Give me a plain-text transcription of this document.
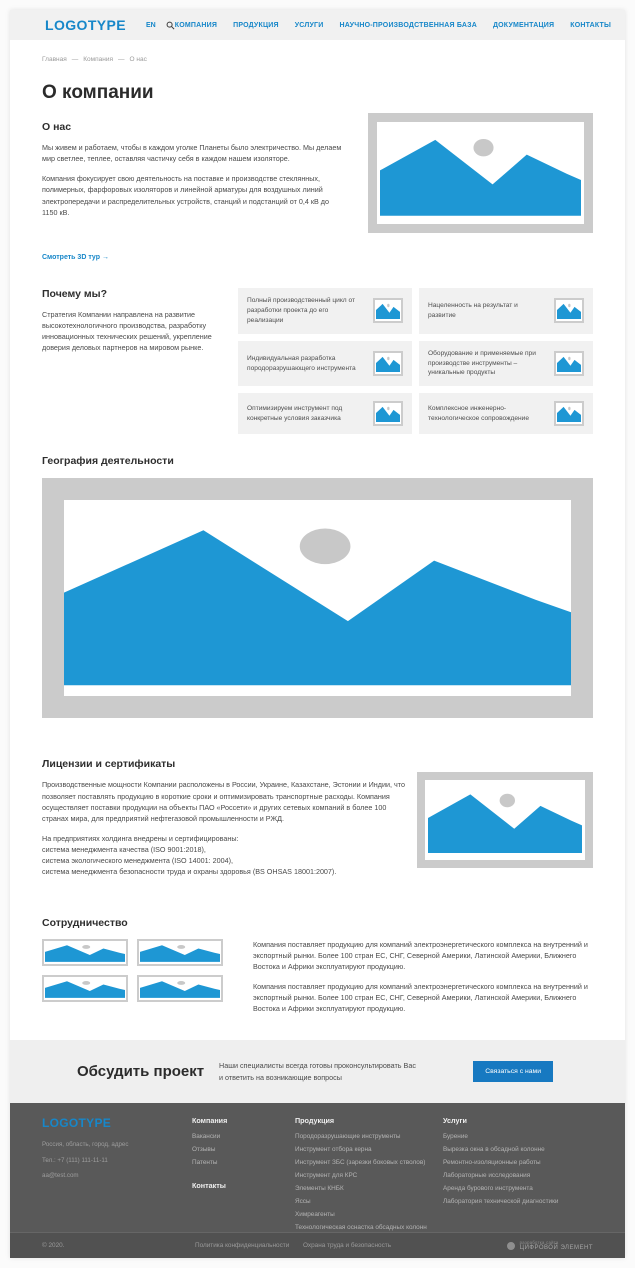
LOGOTYPE	EN	КОМПАНИЯ ПРОДУКЦИЯ УСЛУГИ НАУЧНО-ПРОИЗВОДСТВЕННАЯ БАЗА ДОКУМЕНТАЦИЯ КОНТАКТЫ
Главная — Компания — О нас
О компании
О нас

Мы живем и работаем, чтобы в каждом уголке Планеты было электричество. Мы делаем мир светлее, теплее, оставляя частичку себя в каждом нашем изоляторе.

Компания фокусирует свою деятельность на поставке и производстве стеклянных, полимерных, фарфоровых изоляторов и линейной арматуры для воздушных линий электропередачи и распределительных устройств, станций и подстанций от 0,4 кВ до 1150 кВ.

Смотреть 3D тур →
Почему мы?

Стратегия Компании направлена на развитие высокотехнологичного производства, разработку инновационных технических решений, укрепление доверия деловых партнеров на мировом рынке.

Полный производственный цикл от разработки проекта до его реализации
Нацеленность на результат и развитие
Индивидуальная разработка породоразрушающего инструмента
Оборудование и применяемые при производстве инструменты – уникальные продукты
Оптимизируем инструмент под конкретные условия заказчика
Комплексное инженерно-технологическое сопровождение
География деятельности
Лицензии и сертификаты

Производственные мощности Компании расположены в России, Украине, Казахстане, Эстонии и Индии, что позволяет поставлять продукцию в короткие сроки и оптимизировать транспортные расходы. Компания осуществляет поставки продукции на объекты ПАО «Россети» и других сетевых компаний в более 100 странах мира, для предприятий нефтегазовой промышленности и РЖД.

На предприятиях холдинга внедрены и сертифицированы:

система менеджмента качества (ISO 9001:2018),
система экологического менеджмента (ISO 14001: 2004),
система менеджмента безопасности труда и охраны здоровья (BS OHSAS 18001:2007).
Сотрудничество

Компания поставляет продукцию для компаний электроэнергетического комплекса на внутренний и экспортный рынки. Более 100 стран ЕС, СНГ, Северной Америки, Латинской Америки, Ближнего Востока и Африки эксплуатируют продукцию.

Компания поставляет продукцию для компаний электроэнергетического комплекса на внутренний и экспортный рынки. Более 100 стран ЕС, СНГ, Северной Америки, Латинской Америки, Ближнего Востока и Африки эксплуатируют продукцию.

Обсудить проект Наши специалисты всегда готовы проконсультировать Вас и ответить на возникающие вопросы
Связаться с нами
LOGOTYPE
Россия, область, город, адрес
Тел.: +7 (111) 111-11-11
aa@test.com
Компания
Вакансии
Отзывы
Патенты
Контакты
Продукция
Породоразрушающие инструменты
Инструмент отбора керна
Инструмент ЗБС (зарезки боковых стволов)
Инструмент для КРС
Элементы КНБК
Яссы
Химреагенты
Технологическая оснастка обсадных колонн
Услуги
Бурение
Вырезка окна в обсадной колонне
Ремонтно-изоляционные работы
Лабораторные исследования
Аренда бурового инструмента
Лаборатория технической диагностики
© 2020.	Политика конфиденциальности	Охрана труда и безопасность	разработка сайта
ЦИФРОВОЙ ЭЛЕМЕНТ
